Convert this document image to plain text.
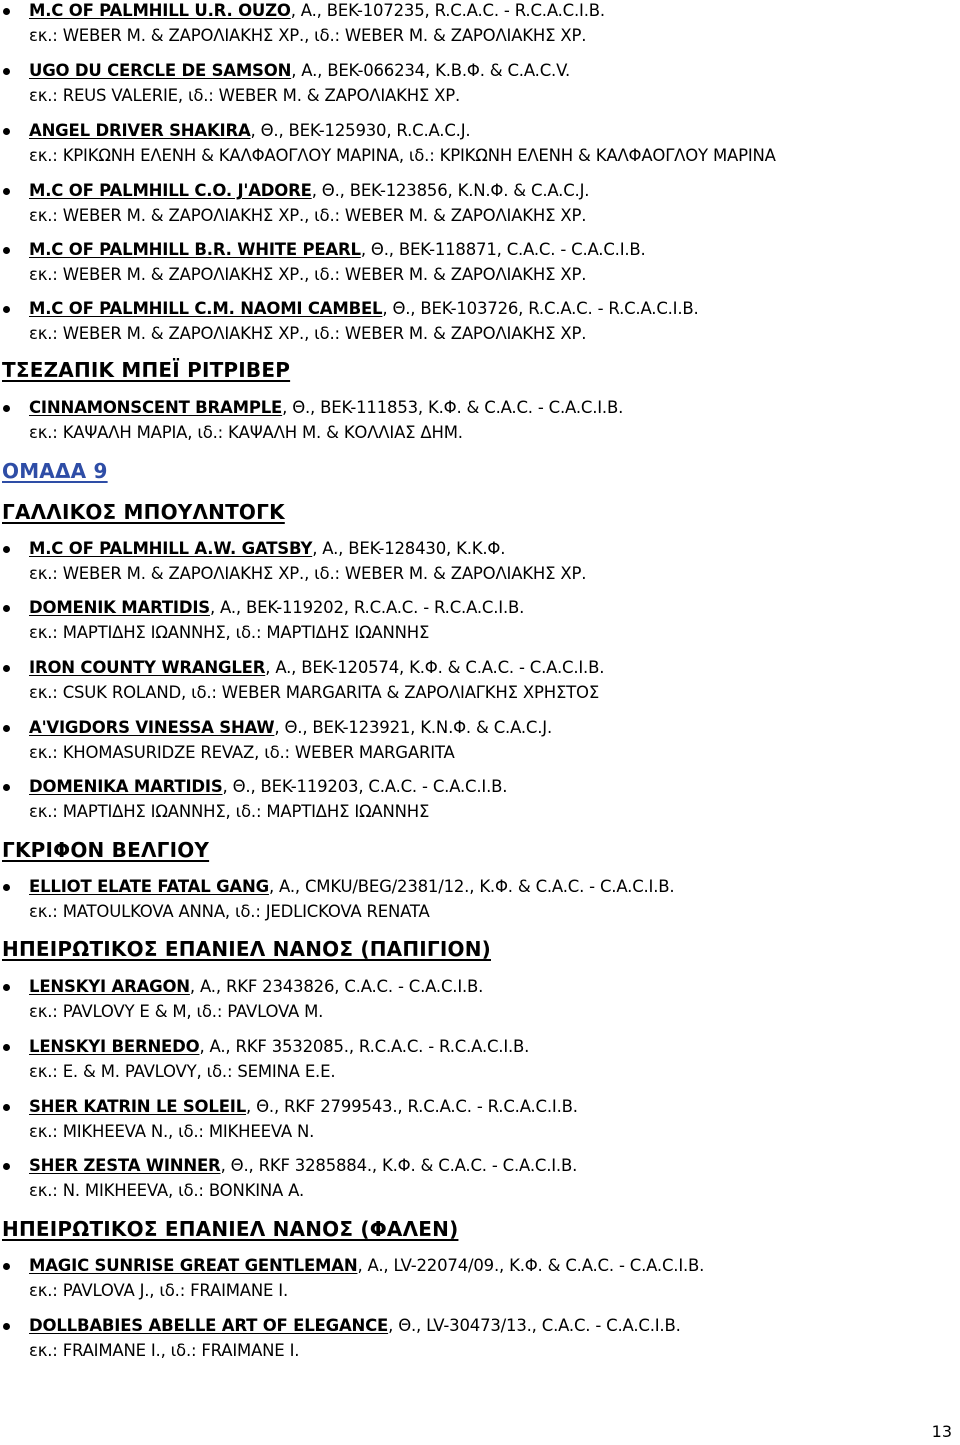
M.C OF PALMHILL U.R. OUZO, A., BEK-107235, R.C.A.C. - R.C.A.C.I.B.
εκ.: WEBER M. & ΖΑΡΟΛΙΑΚΗΣ ΧΡ., ιδ.: WEBER M. & ΖΑΡΟΛΙΑΚΗΣ ΧΡ.
UGO DU CERCLE DE SAMSON, A., BEK-066234, K.B.Φ. & C.A.C.V.
εκ.: REUS VALERIE, ιδ.: WEBER M. & ΖΑΡΟΛΙΑΚΗΣ ΧΡ.
ANGEL DRIVER SHAKIRA, Θ., BEK-125930, R.C.A.C.J.
εκ.: ΚΡΙΚΩΝΗ ΕΛΕΝΗ & ΚΑΛΦΑΟΓΛΟΥ ΜΑΡΙΝΑ, ιδ.: ΚΡΙΚΩΝΗ ΕΛΕΝΗ & ΚΑΛΦΑΟΓΛΟΥ ΜΑΡΙΝΑ
M.C OF PALMHILL C.O. J'ADORE, Θ., BEK-123856, K.N.Φ. & C.A.C.J.
εκ.: WEBER M. & ΖΑΡΟΛΙΑΚΗΣ ΧΡ., ιδ.: WEBER M. & ΖΑΡΟΛΙΑΚΗΣ ΧΡ.
M.C OF PALMHILL B.R. WHITE PEARL, Θ., BEK-118871, C.A.C. - C.A.C.I.B.
εκ.: WEBER M. & ΖΑΡΟΛΙΑΚΗΣ ΧΡ., ιδ.: WEBER M. & ΖΑΡΟΛΙΑΚΗΣ ΧΡ.
M.C OF PALMHILL C.M. NAOMI CAMBEL, Θ., BEK-103726, R.C.A.C. - R.C.A.C.I.B.
εκ.: WEBER M. & ΖΑΡΟΛΙΑΚΗΣ ΧΡ., ιδ.: WEBER M. & ΖΑΡΟΛΙΑΚΗΣ ΧΡ.
ΤΣΕΖΑΠΙΚ ΜΠΕΪ ΡΙΤΡΙΒΕΡ
CINNAMONSCENT BRAMPLE, Θ., BEK-111853, K.Φ. & C.A.C. - C.A.C.I.B.
εκ.: ΚΑΨΑΛΗ ΜΑΡΙΑ, ιδ.: ΚΑΨΑΛΗ Μ. & ΚΟΛΛΙΑΣ ΔΗΜ.
ΟΜΑΔΑ 9
ΓΑΛΛΙΚΟΣ ΜΠΟΥΛΝΤΟΓΚ
M.C OF PALMHILL A.W. GATSBY, A., BEK-128430, K.K.Φ.
εκ.: WEBER M. & ΖΑΡΟΛΙΑΚΗΣ ΧΡ., ιδ.: WEBER M. & ΖΑΡΟΛΙΑΚΗΣ ΧΡ.
DOMENIK MARTIDIS, A., BEK-119202, R.C.A.C. - R.C.A.C.I.B.
εκ.: ΜΑΡΤΙΔΗΣ ΙΩΑΝΝΗΣ, ιδ.: ΜΑΡΤΙΔΗΣ ΙΩΑΝΝΗΣ
IRON COUNTY WRANGLER, A., BEK-120574, K.Φ. & C.A.C. - C.A.C.I.B.
εκ.: CSUK ROLAND, ιδ.: WEBER MARGARITA & ΖΑΡΟΛΙΑΓΚΗΣ ΧΡΗΣΤΟΣ
A'VIGDORS VINESSA SHAW, Θ., BEK-123921, K.N.Φ. & C.A.C.J.
εκ.: KHOMASURIDZE REVAZ, ιδ.: WEBER MARGARITA
DOMENIKA MARTIDIS, Θ., BEK-119203, C.A.C. - C.A.C.I.B.
εκ.: ΜΑΡΤΙΔΗΣ ΙΩΑΝΝΗΣ, ιδ.: ΜΑΡΤΙΔΗΣ ΙΩΑΝΝΗΣ
ΓΚΡΙΦΟΝ ΒΕΛΓΙΟΥ
ELLIOT ELATE FATAL GANG, A., CMKU/BEG/2381/12., K.Φ. & C.A.C. - C.A.C.I.B.
εκ.: MATOULKOVA ANNA, ιδ.: JEDLICKOVA RENATA
ΗΠΕΙΡΩΤΙΚΟΣ ΕΠΑΝΙΕΛ ΝΑΝΟΣ (ΠΑΠΙΓΙΟΝ)
LENSKYI ARAGON, A., RKF 2343826, C.A.C. - C.A.C.I.B.
εκ.: PAVLOVY E & M, ιδ.: PAVLOVA M.
LENSKYI BERNEDO, A., RKF 3532085., R.C.A.C. - R.C.A.C.I.B.
εκ.: E. & M. PAVLOVY, ιδ.: SEMINA E.E.
SHER KATRIN LE SOLEIL, Θ., RKF 2799543., R.C.A.C. - R.C.A.C.I.B.
εκ.: MIKHEEVA N., ιδ.: MIKHEEVA N.
SHER ZESTA WINNER, Θ., RKF 3285884., K.Φ. & C.A.C. - C.A.C.I.B.
εκ.: N. MIKHEEVA, ιδ.: BONKINA A.
ΗΠΕΙΡΩΤΙΚΟΣ ΕΠΑΝΙΕΛ ΝΑΝΟΣ (ΦΑΛΕΝ)
MAGIC SUNRISE GREAT GENTLEMAN, A., LV-22074/09., K.Φ. & C.A.C. - C.A.C.I.B.
εκ.: PAVLOVA J., ιδ.: FRAIMANE I.
DOLLBABIES ABELLE ART OF ELEGANCE, Θ., LV-30473/13., C.A.C. - C.A.C.I.B.
εκ.: FRAIMANE I., ιδ.: FRAIMANE I.
13
